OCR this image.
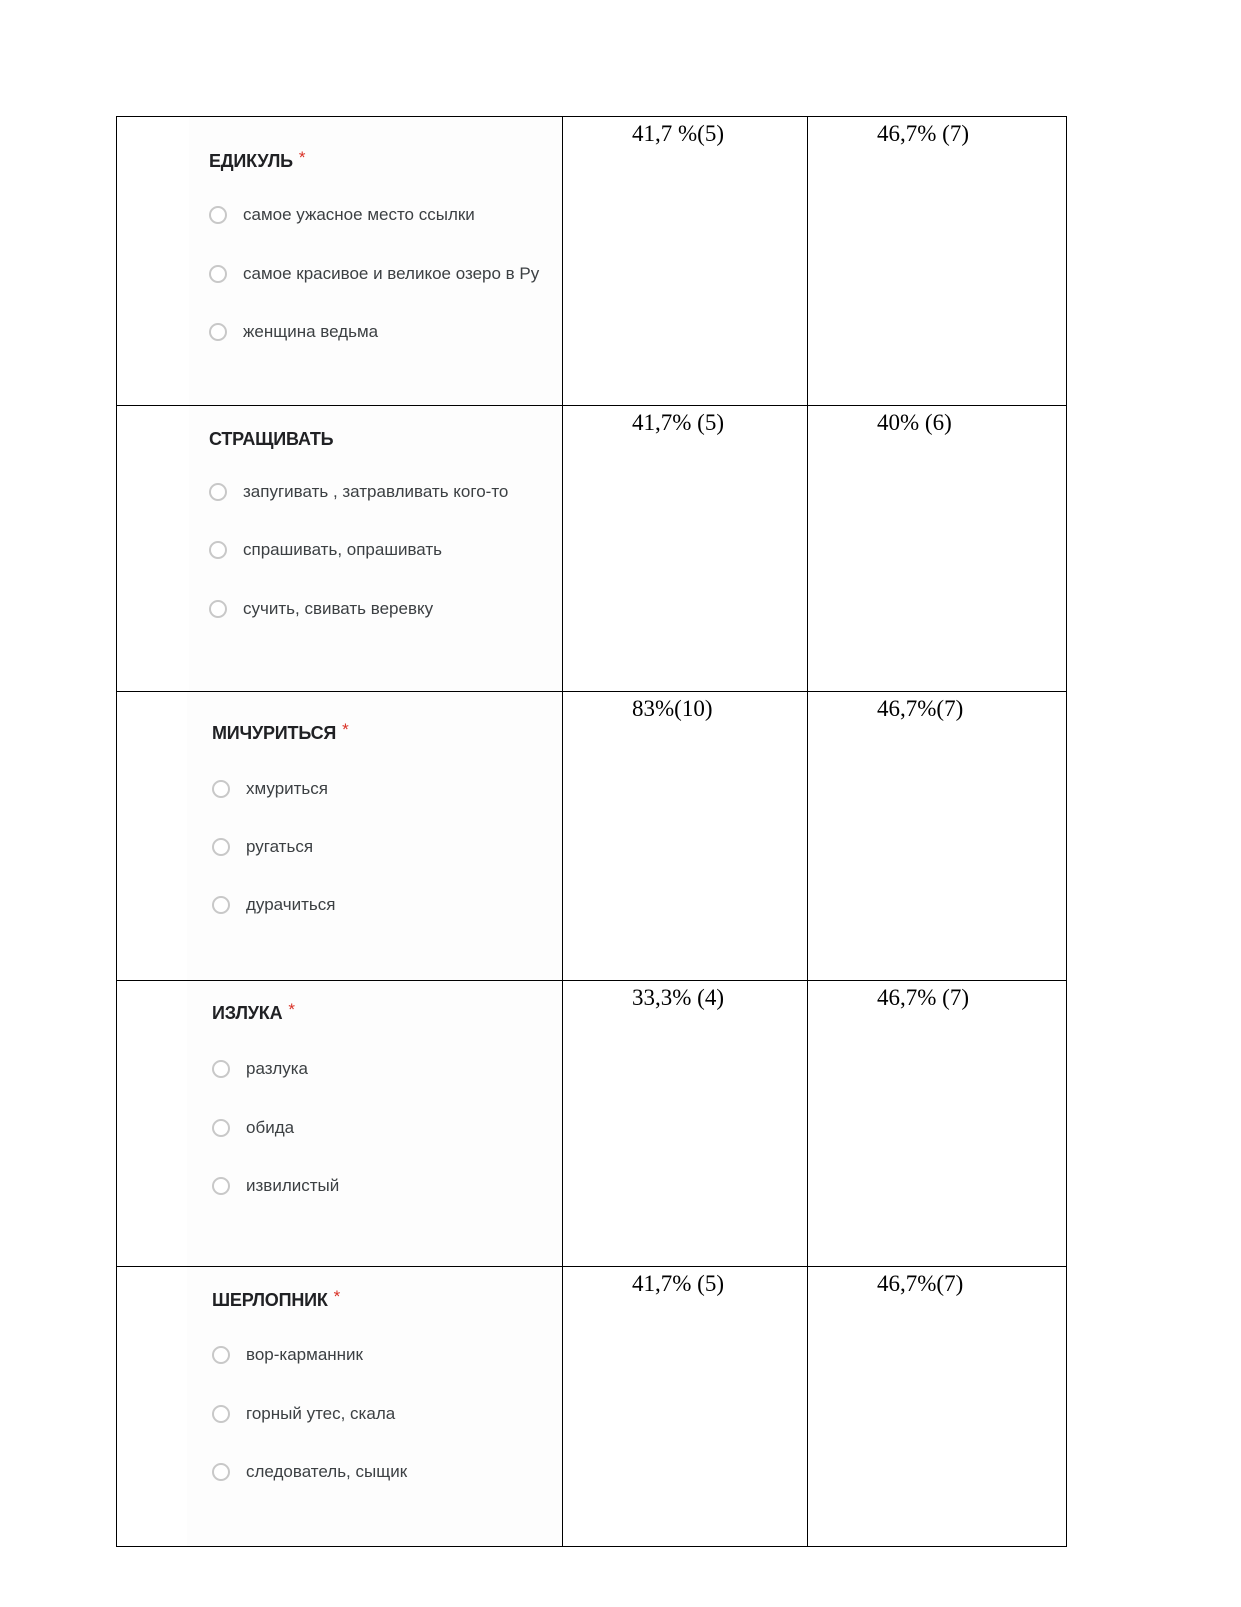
ЕДИКУЛЬ *
самое ужасное место ссылки
самое красивое и великое озеро в Ру
женщина ведьма	41,7 %(5)	46,7% (7)

СТРАЩИВАТЬ
запугивать , затравливать кого-то
спрашивать, опрашивать
сучить, свивать веревку	41,7% (5)	40% (6)

МИЧУРИТЬСЯ *
хмуриться
ругаться
дурачиться	83%(10)	46,7%(7)

ИЗЛУКА *
разлука
обида
извилистый	33,3% (4)	46,7% (7)

ШЕРЛОПНИК *
вор-карманник
горный утес, скала
следователь, сыщик	41,7% (5)	46,7%(7)
